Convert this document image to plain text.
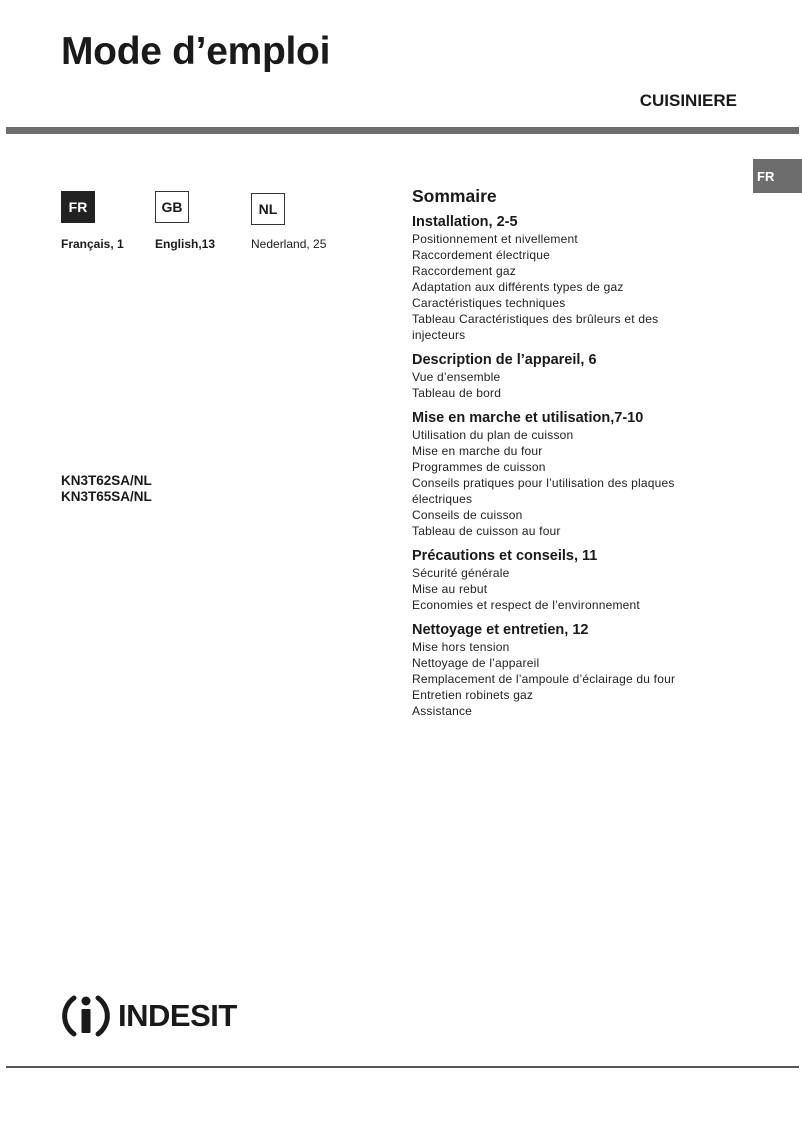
Mode d’emploi
CUISINIERE
FR
FR
Français, 1
GB
English,13
NL
Nederland, 25
KN3T62SA/NL
KN3T65SA/NL
Sommaire
Installation, 2-5
Positionnement et nivellement
Raccordement électrique
Raccordement gaz
Adaptation aux différents types de gaz
Caractéristiques techniques
Tableau Caractéristiques des brûleurs et des
injecteurs
Description de l’appareil, 6
Vue d’ensemble
Tableau de bord
Mise en marche et utilisation,7-10
Utilisation du plan de cuisson
Mise en marche du four
Programmes de cuisson
Conseils pratiques pour l’utilisation des plaques
électriques
Conseils de cuisson
Tableau de cuisson au four
Précautions et conseils, 11
Sécurité générale
Mise au rebut
Economies et respect de l’environnement
Nettoyage et entretien, 12
Mise hors tension
Nettoyage de l’appareil
Remplacement de l’ampoule d’éclairage du four
Entretien robinets gaz
Assistance
INDESIT
